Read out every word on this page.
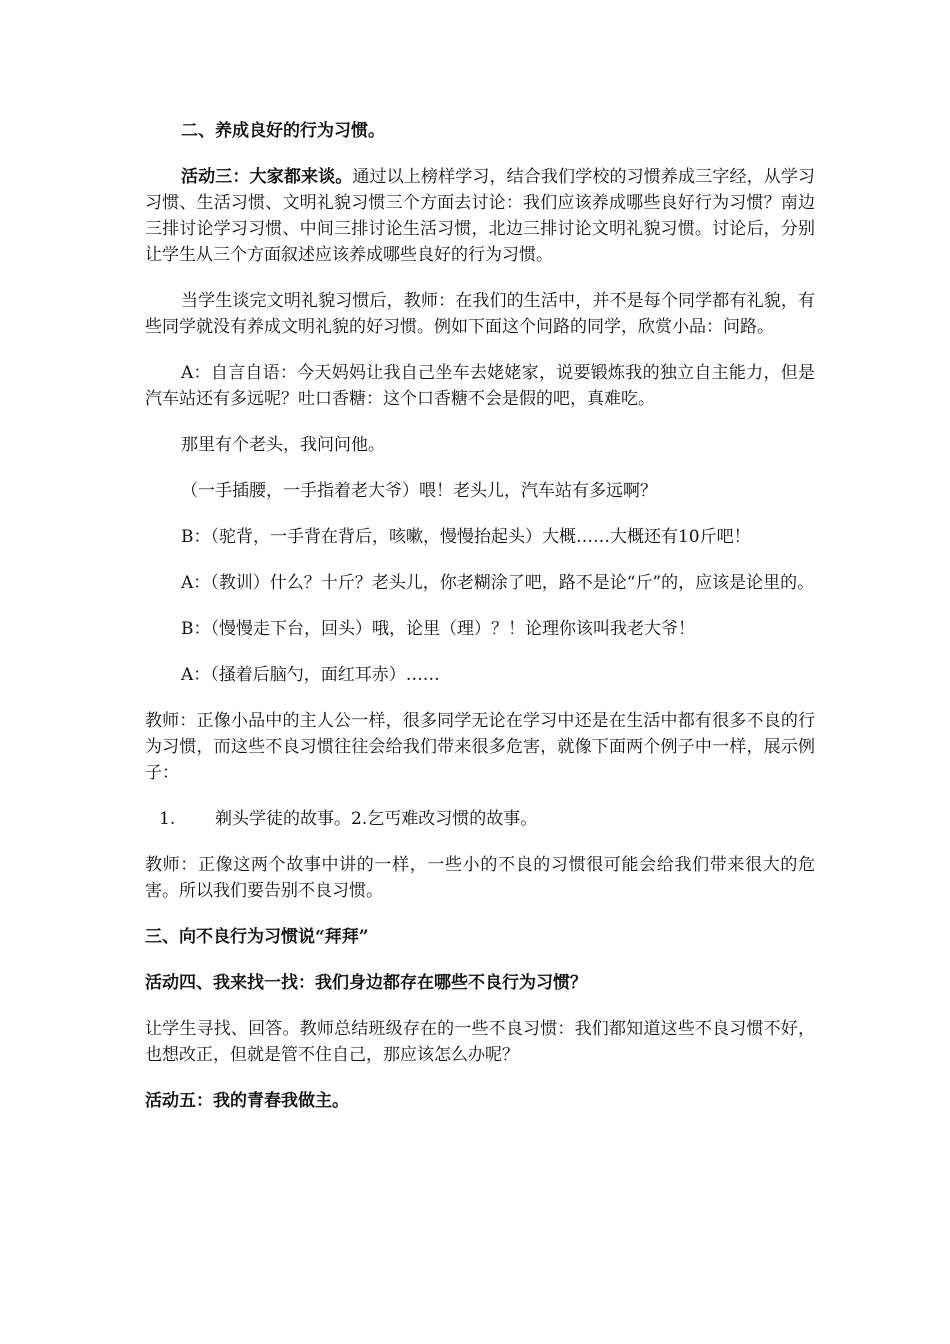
二、养成良好的行为习惯。

活动三：大家都来谈。通过以上榜样学习，结合我们学校的习惯养成三字经，从学习习惯、生活习惯、文明礼貌习惯三个方面去讨论：我们应该养成哪些良好行为习惯？南边三排讨论学习习惯、中间三排讨论生活习惯，北边三排讨论文明礼貌习惯。讨论后，分别让学生从三个方面叙述应该养成哪些良好的行为习惯。

当学生谈完文明礼貌习惯后，教师：在我们的生活中，并不是每个同学都有礼貌，有些同学就没有养成文明礼貌的好习惯。例如下面这个问路的同学，欣赏小品：问路。

A：自言自语：今天妈妈让我自己坐车去姥姥家，说要锻炼我的独立自主能力，但是汽车站还有多远呢？吐口香糖：这个口香糖不会是假的吧，真难吃。

那里有个老头，我问问他。

（一手插腰，一手指着老大爷）喂！老头儿，汽车站有多远啊？

B：（驼背，一手背在背后，咳嗽，慢慢抬起头）大概……大概还有10斤吧！

A：（教训）什么？十斤？老头儿，你老糊涂了吧，路不是论“斤”的，应该是论里的。

B：（慢慢走下台，回头）哦，论里（理）？！论理你该叫我老大爷！

A：（搔着后脑勺，面红耳赤）……

教师：正像小品中的主人公一样，很多同学无论在学习中还是在生活中都有很多不良的行为习惯，而这些不良习惯往往会给我们带来很多危害，就像下面两个例子中一样，展示例子：

1.	剃头学徒的故事。2.乞丐难改习惯的故事。

教师：正像这两个故事中讲的一样，一些小的不良的习惯很可能会给我们带来很大的危害。所以我们要告别不良习惯。

三、向不良行为习惯说“拜拜”

活动四、我来找一找：我们身边都存在哪些不良行为习惯？

让学生寻找、回答。教师总结班级存在的一些不良习惯：我们都知道这些不良习惯不好，也想改正，但就是管不住自己，那应该怎么办呢？

活动五：我的青春我做主。
